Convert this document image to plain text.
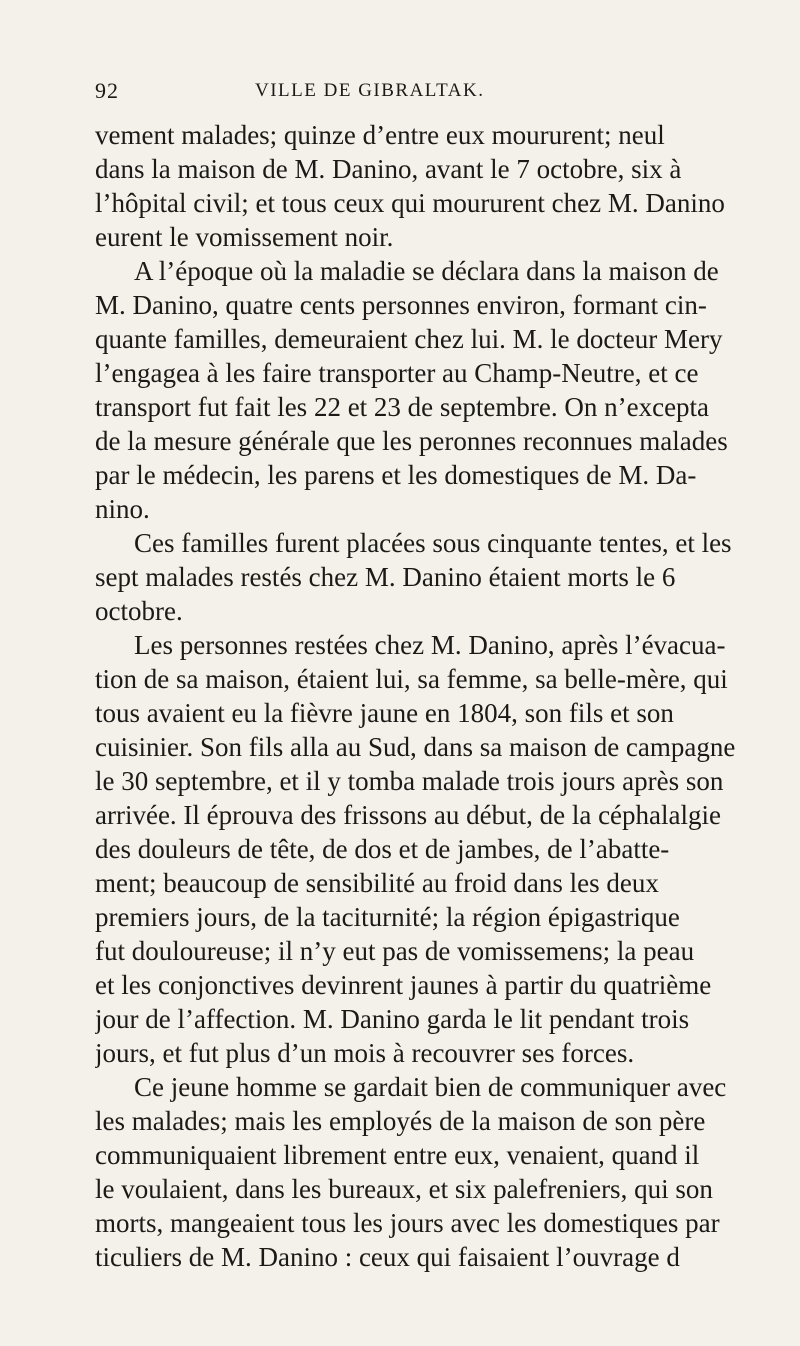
92	VILLE DE GIBRALTAK.
vement malades; quinze d’entre eux moururent; neul
dans la maison de M. Danino, avant le 7 octobre, six à
l’hôpital civil; et tous ceux qui moururent chez M. Danino
eurent le vomissement noir.
A l’époque où la maladie se déclara dans la maison de
M. Danino, quatre cents personnes environ, formant cin-
quante familles, demeuraient chez lui. M. le docteur Mery
l’engagea à les faire transporter au Champ-Neutre, et ce
transport fut fait les 22 et 23 de septembre. On n’excepta
de la mesure générale que les peronnes reconnues malades
par le médecin, les parens et les domestiques de M. Da-
nino.
Ces familles furent placées sous cinquante tentes, et les
sept malades restés chez M. Danino étaient morts le 6
octobre.
Les personnes restées chez M. Danino, après l’évacua-
tion de sa maison, étaient lui, sa femme, sa belle-mère, qui
tous avaient eu la fièvre jaune en 1804, son fils et son
cuisinier. Son fils alla au Sud, dans sa maison de campagne
le 30 septembre, et il y tomba malade trois jours après son
arrivée. Il éprouva des frissons au début, de la céphalalgie
des douleurs de tête, de dos et de jambes, de l’abatte-
ment; beaucoup de sensibilité au froid dans les deux
premiers jours, de la taciturnité; la région épigastrique
fut douloureuse; il n’y eut pas de vomissemens; la peau
et les conjonctives devinrent jaunes à partir du quatrième
jour de l’affection. M. Danino garda le lit pendant trois
jours, et fut plus d’un mois à recouvrer ses forces.
Ce jeune homme se gardait bien de communiquer avec
les malades; mais les employés de la maison de son père
communiquaient librement entre eux, venaient, quand il
le voulaient, dans les bureaux, et six palefreniers, qui son
morts, mangeaient tous les jours avec les domestiques par
ticuliers de M. Danino : ceux qui faisaient l’ouvrage d
